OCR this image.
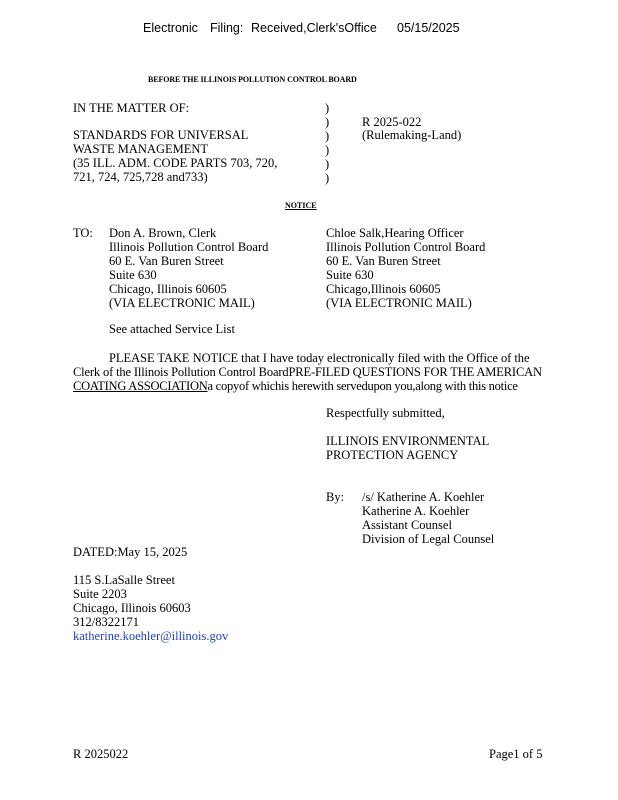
Electronic Filing: Received,Clerk'sOffice 05/15/2025
BEFORE THE ILLINOIS POLLUTION CONTROL BOARD
IN THE MATTER OF:
STANDARDS FOR UNIVERSAL
WASTE MANAGEMENT
(35 ILL. ADM. CODE PARTS 703, 720,
721, 724, 725,728 and733)
)
)
)
)
)
)
R 2025-022
(Rulemaking-Land)
NOTICE
TO: Don A. Brown, Clerk
Illinois Pollution Control Board
60 E. Van Buren Street
Suite 630
Chicago, Illinois 60605
(VIA ELECTRONIC MAIL)
Chloe Salk,Hearing Officer
Illinois Pollution Control Board
60 E. Van Buren Street
Suite 630
Chicago,Illinois 60605
(VIA ELECTRONIC MAIL)
See attached Service List
PLEASE TAKE NOTICE that I have today electronically filed with the Office of the
Clerk of the Illinois Pollution Control BoardPRE-FILED QUESTIONS FOR THE AMERICAN
COATING ASSOCIATIONa copyof whichis herewith servedupon you,along with this notice
Respectfully submitted,
ILLINOIS ENVIRONMENTAL
PROTECTION AGENCY
By: /s/ Katherine A. Koehler
Katherine A. Koehler
Assistant Counsel
Division of Legal Counsel
DATED:May 15, 2025
115 S.LaSalle Street
Suite 2203
Chicago, Illinois 60603
312/8322171
katherine.koehler@illinois.gov
R 2025022	Page1 of 5
